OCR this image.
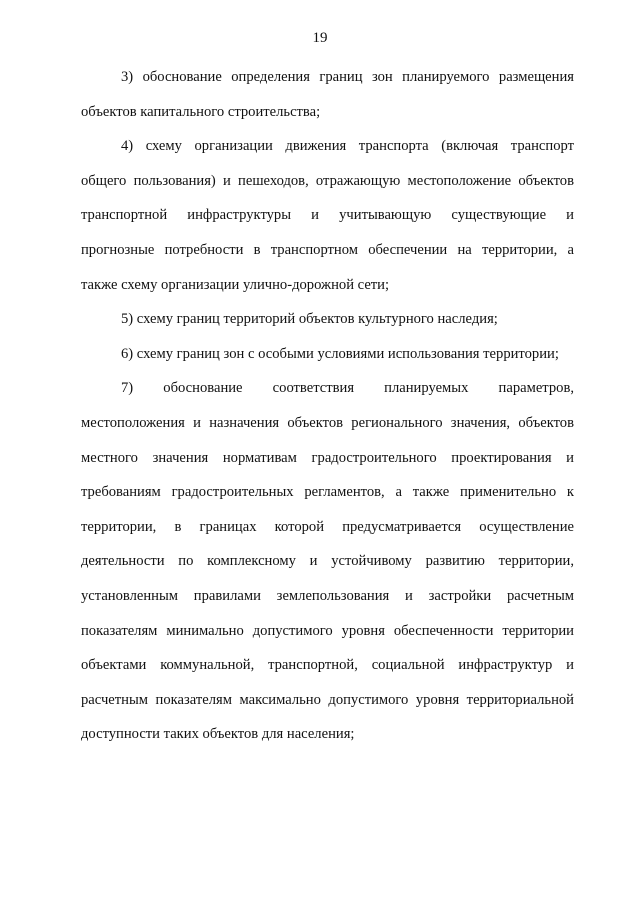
19
3) обоснование определения границ зон планируемого размещения
объектов капитального строительства;
4) схему организации движения транспорта (включая транспорт
общего пользования) и пешеходов, отражающую местоположение объектов
транспортной инфраструктуры и учитывающую существующие и
прогнозные потребности в транспортном обеспечении на территории, а
также схему организации улично-дорожной сети;
5) схему границ территорий объектов культурного наследия;
6) схему границ зон с особыми условиями использования территории;
7) обоснование соответствия планируемых параметров,
местоположения и назначения объектов регионального значения, объектов
местного значения нормативам градостроительного проектирования и
требованиям градостроительных регламентов, а также применительно к
территории, в границах которой предусматривается осуществление
деятельности по комплексному и устойчивому развитию территории,
установленным правилами землепользования и застройки расчетным
показателям минимально допустимого уровня обеспеченности территории
объектами коммунальной, транспортной, социальной инфраструктур и
расчетным показателям максимально допустимого уровня территориальной
доступности таких объектов для населения;
